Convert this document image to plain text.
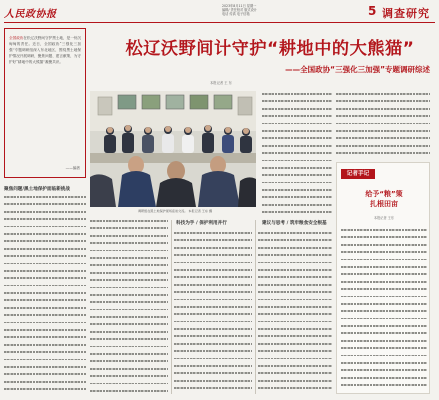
人民政协报
2023年8月11日 星期一
编辑/ 责任校对 版式设计
电话 传真 电子信箱	5 调查研究
全国政协在松辽沃野间守护黑土地，是一份沉甸甸的责任。近日，全国政协“三强化三加强”专题调研组深入东北地区，围绕黑土地保护情况开展调研，聚焦问题、建言献策，为守护好“耕地中的大熊猫”凝聚共识。
——编者
松辽沃野间计守护“耕地中的大熊猫”
——全国政协“三强化三加强”专题调研综述
本报记者 王 东
调研组在黑土地保护现场座谈交流。 本报记者 王东 摄
聚焦问题/黑土地保护面临新挑战
科技为手 / 保护利用并行	建议与思考 / 筑牢粮食安全根基
记者手记
给予“粮”策
扎根田亩
本报记者 王东
